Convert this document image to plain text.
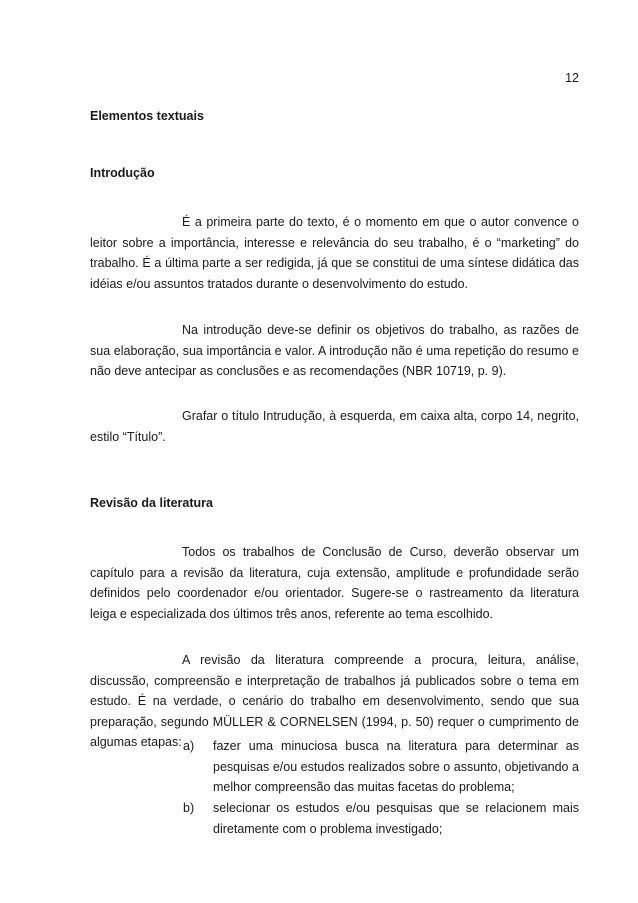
12
Elementos textuais
Introdução

É a primeira parte do texto, é o momento em que o autor convence o leitor sobre a importância, interesse e relevância do seu trabalho, é o “marketing” do trabalho. É a última parte a ser redigida, já que se constitui de uma síntese didática das idéias e/ou assuntos tratados durante o desenvolvimento do estudo.

Na introdução deve-se definir os objetivos do trabalho, as razões de sua elaboração, sua importância e valor. A introdução não é uma repetição do resumo e não deve antecipar as conclusões e as recomendações (NBR 10719, p. 9).

Grafar o título Intrudução, à esquerda, em caixa alta, corpo 14, negrito, estilo “Título”.

Revisão da literatura

Todos os trabalhos de Conclusão de Curso, deverão observar um capítulo para a revisão da literatura, cuja extensão, amplitude e profundidade serão definidos pelo coordenador e/ou orientador. Sugere-se o rastreamento da literatura leiga e especializada dos últimos três anos, referente ao tema escolhido.

A revisão da literatura compreende a procura, leitura, análise, discussão, compreensão e interpretação de trabalhos já publicados sobre o tema em estudo. É na verdade, o cenário do trabalho em desenvolvimento, sendo que sua preparação, segundo MÜLLER & CORNELSEN (1994, p. 50) requer o cumprimento de algumas etapas: a) fazer uma minuciosa busca na literatura para determinar as pesquisas e/ou estudos realizados sobre o assunto, objetivando a melhor compreensão das muitas facetas do problema;
b) selecionar os estudos e/ou pesquisas que se relacionem mais diretamente com o problema investigado;
